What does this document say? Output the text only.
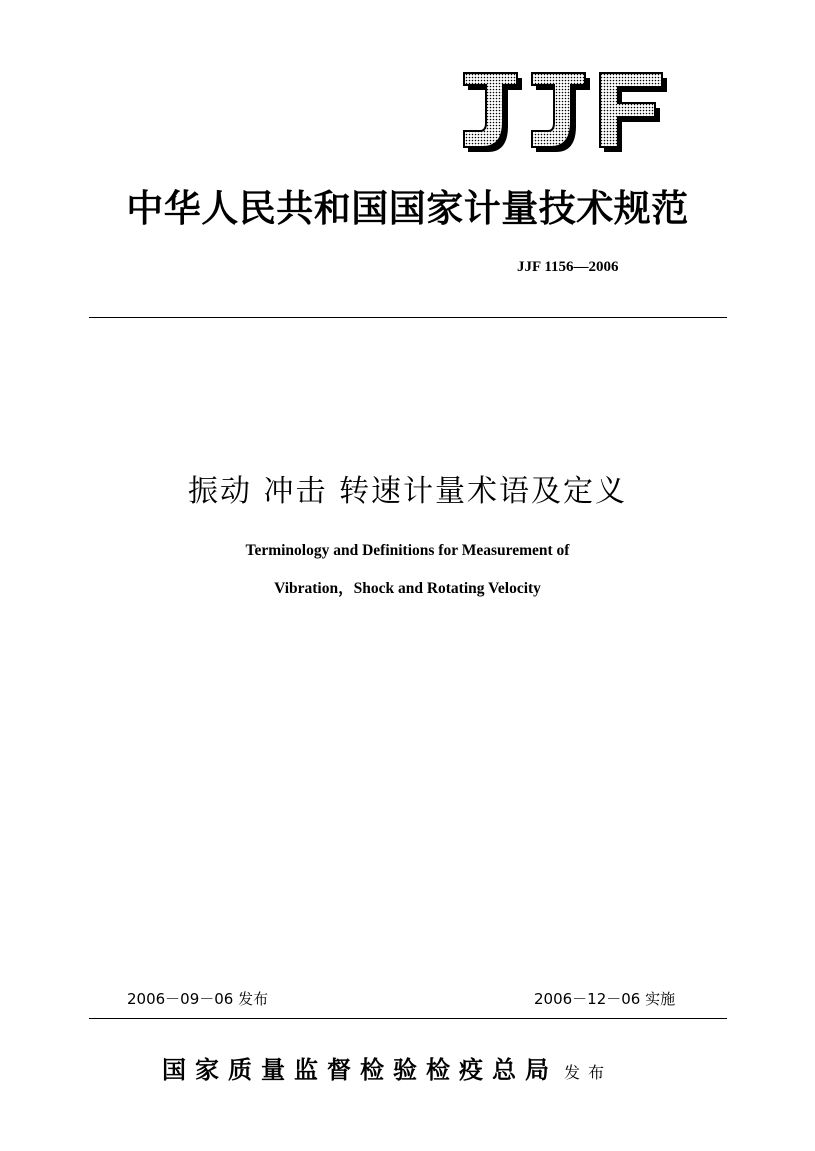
中华人民共和国国家计量技术规范
JJF 1156—2006
振动 冲击 转速计量术语及定义
Terminology and Definitions for Measurement of
Vibration，Shock and Rotating Velocity
2006－09－06 发布	2006－12－06 实施
国家质量监督检验检疫总局 发布
